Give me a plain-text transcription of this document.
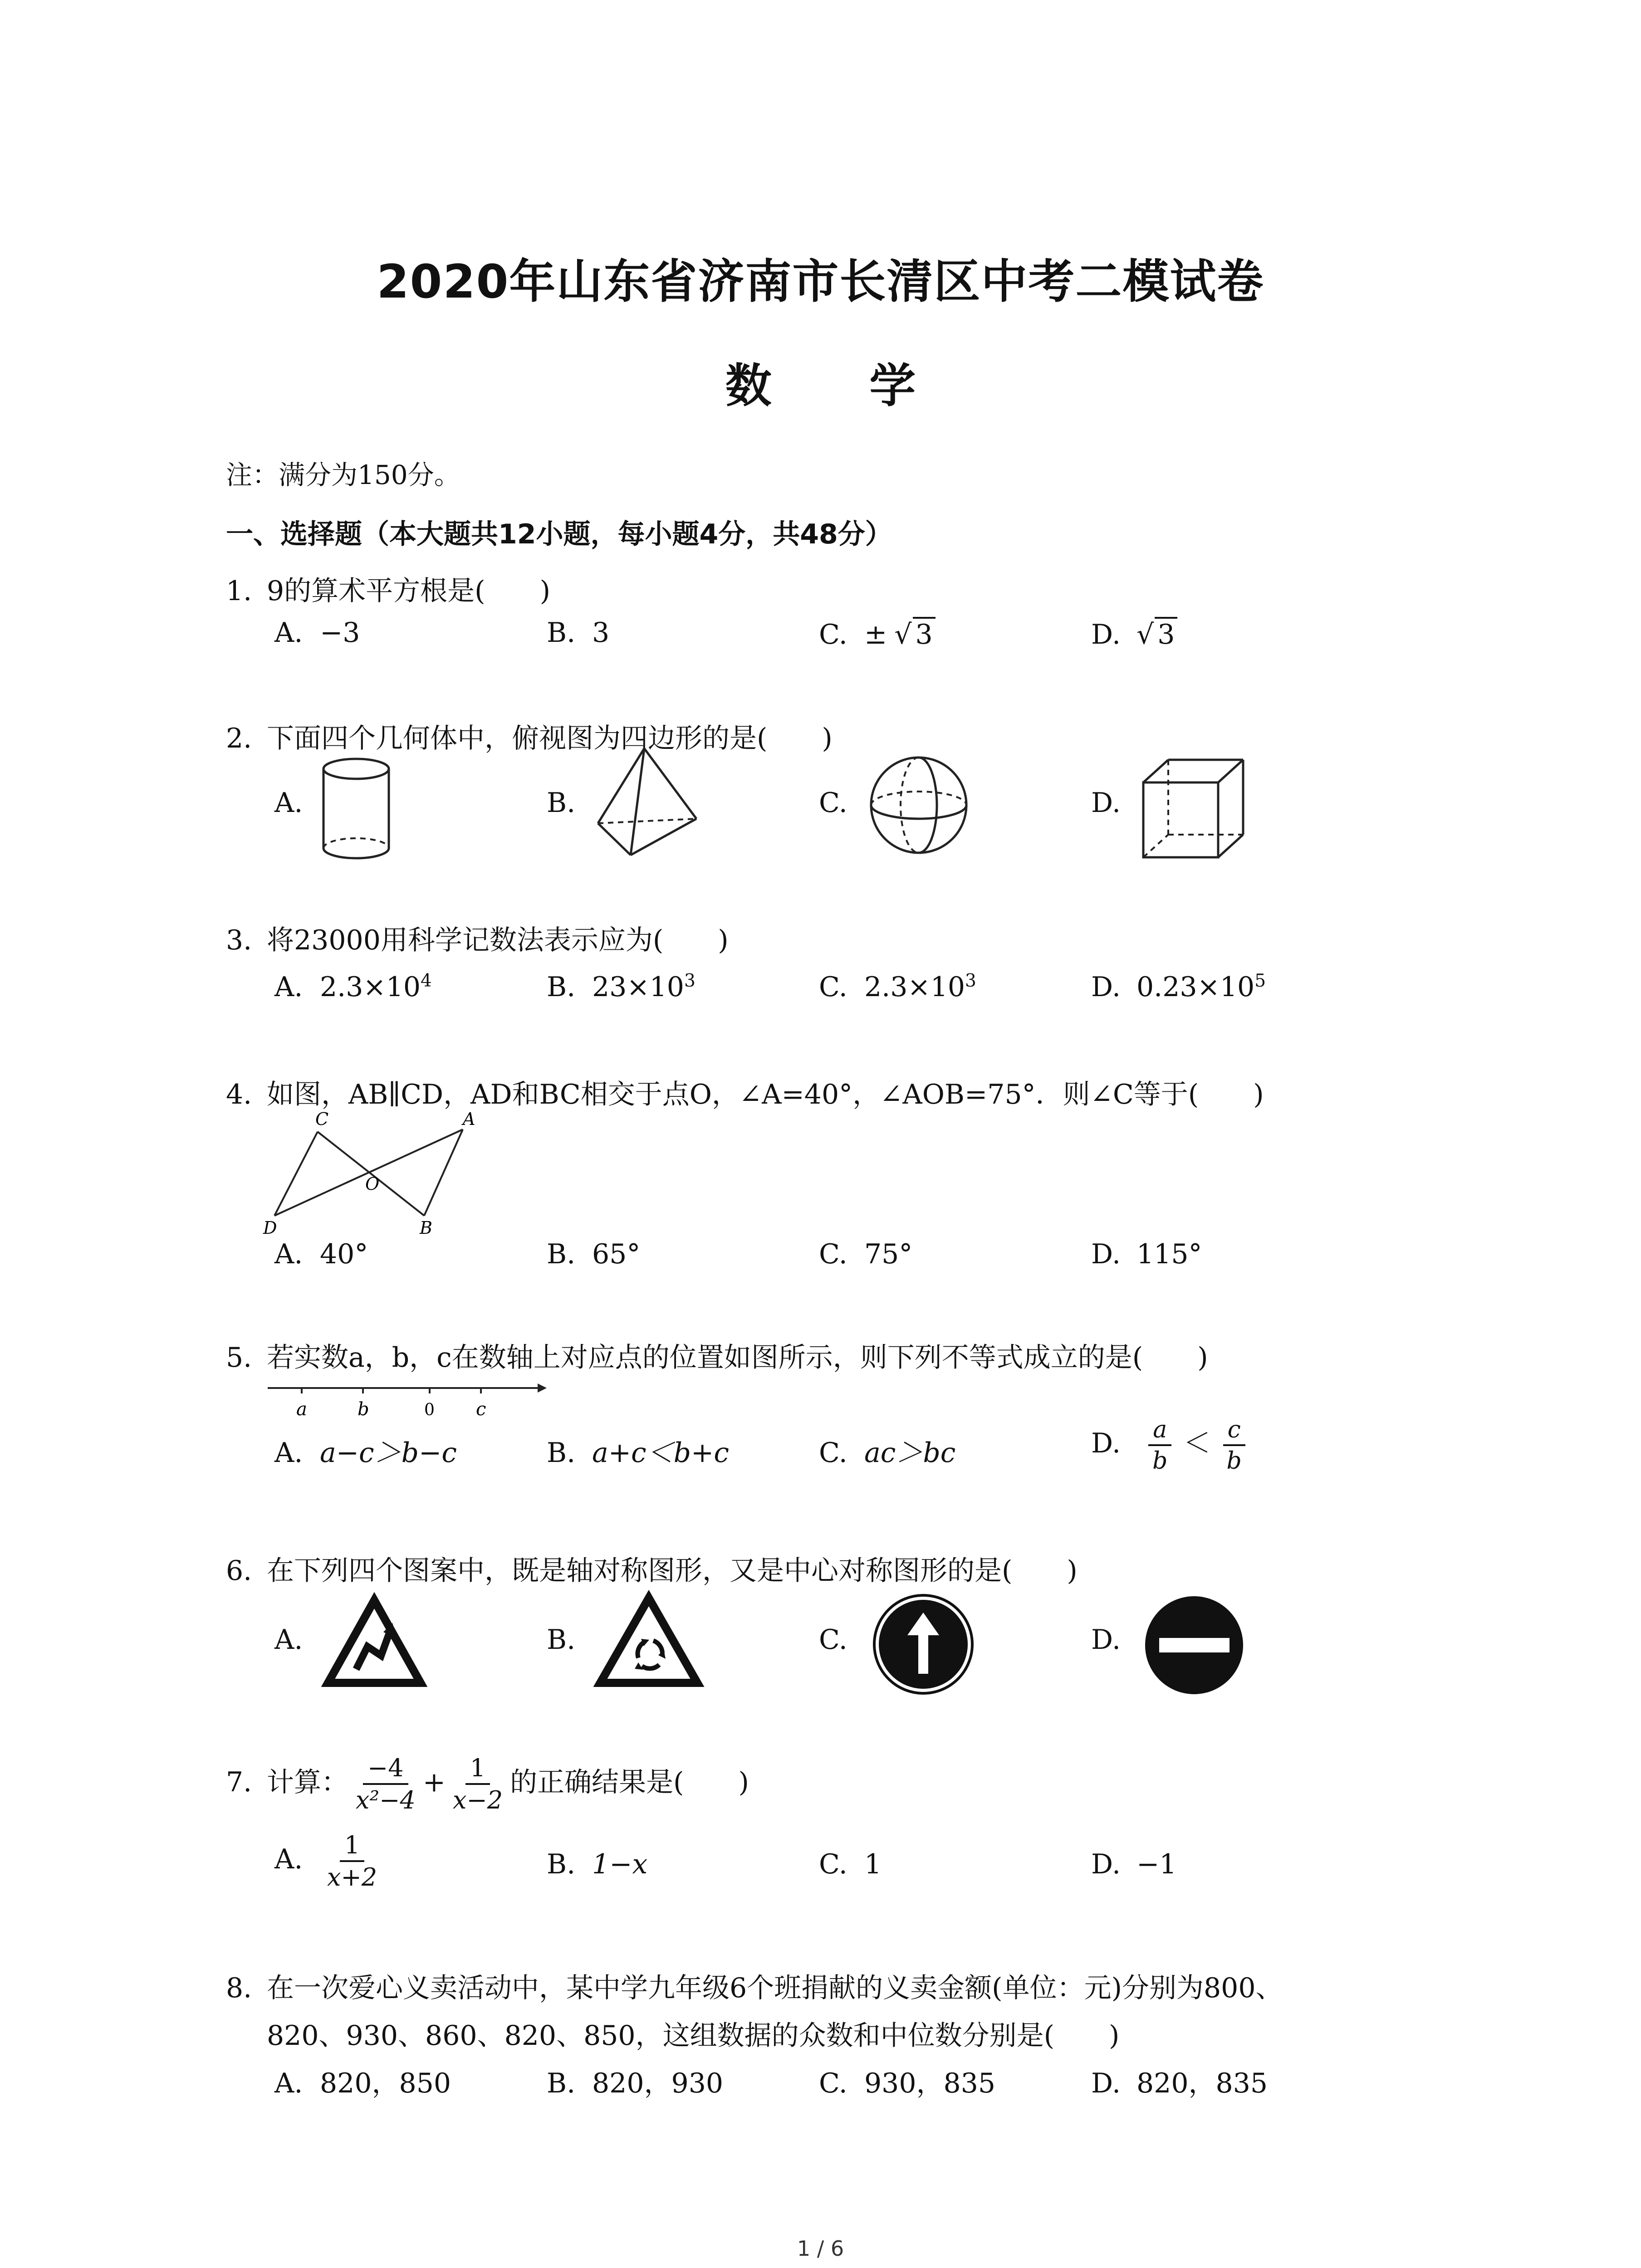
2020年山东省济南市长清区中考二模试卷
数 学
注：满分为150分。
一、选择题（本大题共12小题，每小题4分，共48分）
1. 9的算术平方根是(　　)
A. −3	B. 3	C. ± √ 3	D. √ 3
2. 下面四个几何体中，俯视图为四边形的是(　　)
A.	B.	C.	D.
3. 将23000用科学记数法表示应为(　　)
A. $2.3\times 10^4$	B. $23\times 10^3$	C. $2.3\times 10^3$	D. $0.23\times 10^5$
4. 如图，AB∥CD，AD和BC相交于点O，∠A=40°，∠AOB=75°．则∠C等于(　　)
C	A
O
D	B
A. 40°	B. 65°	C. 75°	D. 115°
5. 若实数a，b，c在数轴上对应点的位置如图所示，则下列不等式成立的是(　　)
a	b	0 c
A. a−c＞b−c	B. a+c＜b+c	C. ac＞bc	D. $\frac{a}{b} < \frac{c}{b}$
6. 在下列四个图案中，既是轴对称图形，又是中心对称图形的是(　　)
A.	B.	C.	D.
7. 计算： $\frac{-4}{\text{x²−4}} + \frac{1}{x-2}$ 的正确结果是(　　)
A. $\frac{1}{x+2}$	B. 1−x	C. 1	D. −1
8. 在一次爱心义卖活动中，某中学九年级6个班捐献的义卖金额(单位：元)分别为800、
820、930、860、820、850，这组数据的众数和中位数分别是(　　)
A. 820，850	B. 820，930	C. 930，835	D. 820，835
1 / 6
